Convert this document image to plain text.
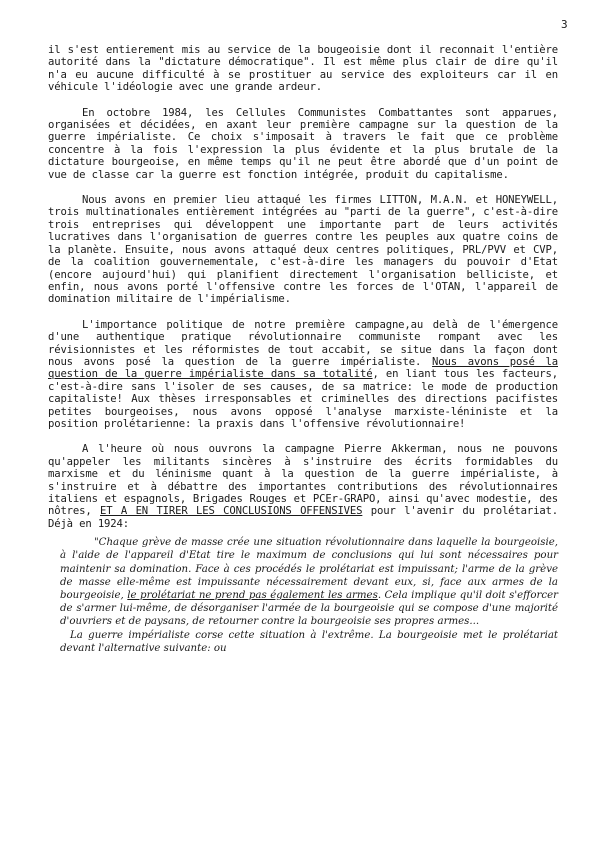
3

il s'est entierement mis au service de la bougeoisie dont il reconnait l'entière autorité dans la "dictature démocratique". Il est même plus clair de dire qu'il n'a eu aucune difficulté à se prostituer au service des exploiteurs car il en véhicule l'idéologie avec une grande ardeur.

En octobre 1984, les Cellules Communistes Combattantes sont apparues, organisées et décidées, en axant leur première campagne sur la question de la guerre impérialiste. Ce choix s'imposait à travers le fait que ce problème concentre à la fois l'expression la plus évidente et la plus brutale de la dictature bourgeoise, en même temps qu'il ne peut être abordé que d'un point de vue de classe car la guerre est fonction intégrée, produit du capitalisme.

Nous avons en premier lieu attaqué les firmes LITTON, M.A.N. et HONEYWELL, trois multinationales entièrement intégrées au "parti de la guerre", c'est-à-dire trois entreprises qui développent une importante part de leurs activités lucratives dans l'organisation de guerres contre les peuples aux quatre coins de la planète. Ensuite, nous avons attaqué deux centres politiques, PRL/PVV et CVP, de la coalition gouvernementale, c'est-à-dire les managers du pouvoir d'Etat (encore aujourd'hui) qui planifient directement l'organisation belliciste, et enfin, nous avons porté l'offensive contre les forces de l'OTAN, l'appareil de domination militaire de l'impérialisme.

L'importance politique de notre première campagne,au delà de l'émergence d'une authentique pratique révolutionnaire communiste rompant avec les révisionnistes et les réformistes de tout accabit, se situe dans la façon dont nous avons posé la question de la guerre impérialiste. Nous avons posé la question de la guerre impérialiste dans sa totalité, en liant tous les facteurs, c'est-à-dire sans l'isoler de ses causes, de sa matrice: le mode de production capitaliste! Aux thèses irresponsables et criminelles des directions pacifistes petites bourgeoises, nous avons opposé l'analyse marxiste-léniniste et la position prolétarienne: la praxis dans l'offensive révolutionnaire!

A l'heure où nous ouvrons la campagne Pierre Akkerman, nous ne pouvons qu'appeler les militants sincères à s'instruire des écrits formidables du marxisme et du léninisme quant à la question de la guerre impérialiste, à s'instruire et à débattre des importantes contributions des révolutionnaires italiens et espagnols, Brigades Rouges et PCEr-GRAPO, ainsi qu'avec modestie, des nôtres, ET A EN TIRER LES CONCLUSIONS OFFENSIVES pour l'avenir du prolétariat. Déjà en 1924:

"Chaque grève de masse crée une situation révolutionnaire dans laquelle la bourgeoisie, à l'aide de l'appareil d'Etat tire le maximum de conclusions qui lui sont nécessaires pour maintenir sa domination. Face à ces procédés le prolétariat est impuissant; l'arme de la grève de masse elle-même est impuissante nécessairement devant eux, si, face aux armes de la bourgeoisie, le prolétariat ne prend pas également les armes. Cela implique qu'il doit s'efforcer de s'armer lui-même, de désorganiser l'armée de la bourgeoisie qui se compose d'une majorité d'ouvriers et de paysans, de retourner contre la bourgeoisie ses propres armes...
La guerre impérialiste corse cette situation à l'extrême. La bourgeoisie met le prolétariat devant l'alternative suivante: ou
